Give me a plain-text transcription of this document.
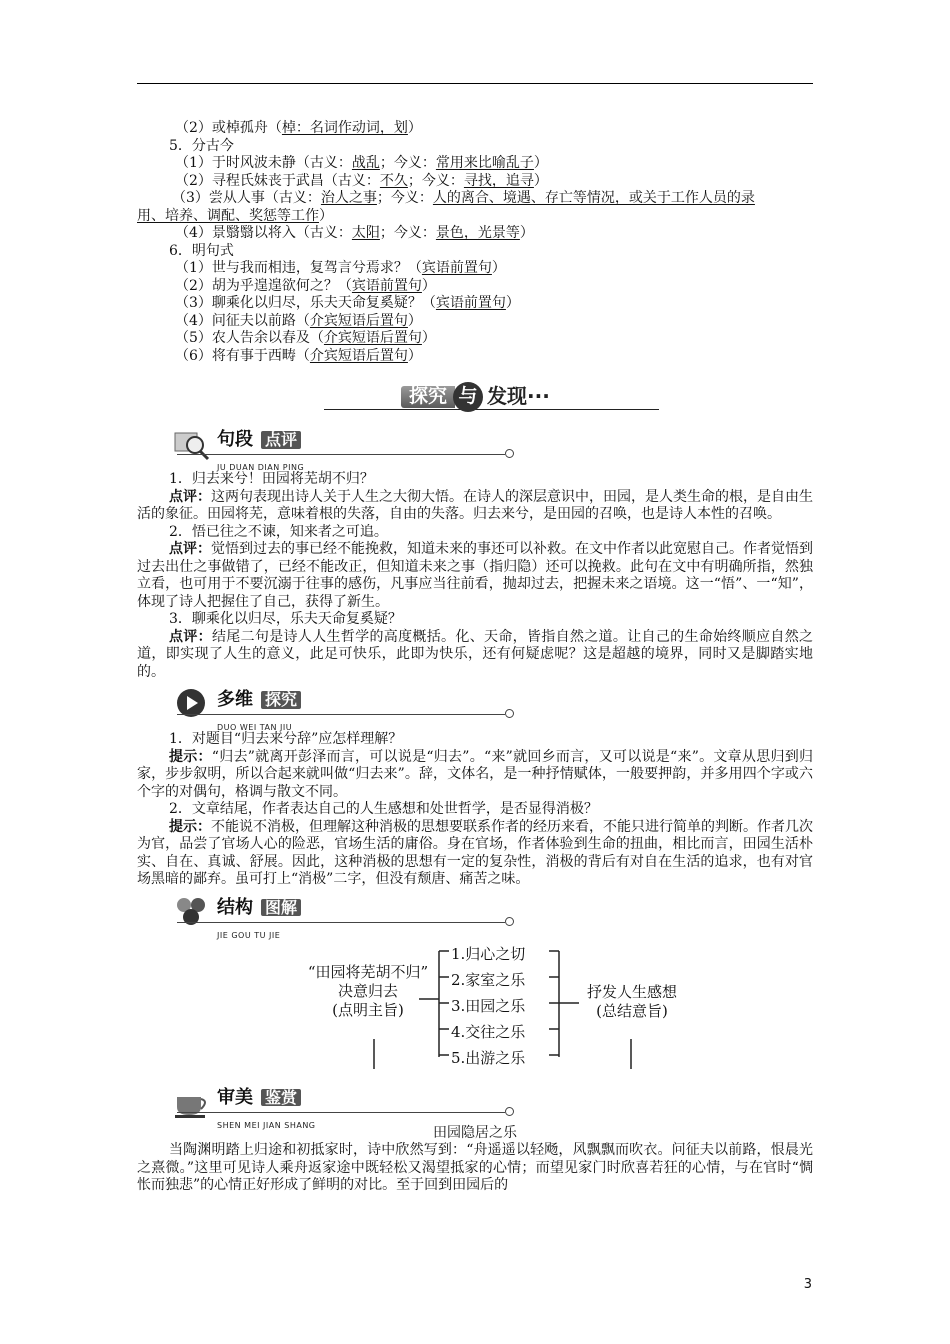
（2）或棹孤舟（棹：名词作动词，划）
5．分古今
（1）于时风波未静（古义：战乱；今义：常用来比喻乱子）
（2）寻程氏妹丧于武昌（古义：不久；今义：寻找，追寻）
（3）尝从人事（古义：治人之事；今义：人的离合、境遇、存亡等情况，或关于工作人员的录
用、培养、调配、奖惩等工作）
（4）景翳翳以将入（古义：太阳；今义：景色，光景等）
6．明句式
（1）世与我而相违，复驾言兮焉求？（宾语前置句）
（2）胡为乎遑遑欲何之？（宾语前置句）
（3）聊乘化以归尽，乐夫天命复奚疑？（宾语前置句）
（4）问征夫以前路（介宾短语后置句）
（5）农人告余以春及（介宾短语后置句）
（6）将有事于西畴（介宾短语后置句）
探究 与 发现···
句段 点评
JU DUAN DIAN PING
1．归去来兮！田园将芜胡不归？
点评：这两句表现出诗人关于人生之大彻大悟。在诗人的深层意识中，田园，是人类生命的根，是自由生活的象征。田园将芜，意味着根的失落，自由的失落。归去来兮，是田园的召唤，也是诗人本性的召唤。
2．悟已往之不谏，知来者之可追。
点评：觉悟到过去的事已经不能挽救，知道未来的事还可以补救。在文中作者以此宽慰自己。作者觉悟到过去出仕之事做错了，已经不能改正，但知道未来之事（指归隐）还可以挽救。此句在文中有明确所指，然独立看，也可用于不要沉溺于往事的感伤，凡事应当往前看，抛却过去，把握未来之语境。这一“悟”、一“知”，体现了诗人把握住了自己，获得了新生。
3．聊乘化以归尽，乐夫天命复奚疑？
点评：结尾二句是诗人人生哲学的高度概括。化、天命，皆指自然之道。让自己的生命始终顺应自然之道，即实现了人生的意义，此足可快乐，此即为快乐，还有何疑虑呢？这是超越的境界，同时又是脚踏实地的。
多维 探究
DUO WEI TAN JIU
1．对题目“归去来兮辞”应怎样理解？
提示：“归去”就离开彭泽而言，可以说是“归去”。“来”就回乡而言，又可以说是“来”。文章从思归到归家，步步叙明，所以合起来就叫做“归去来”。辞，文体名，是一种抒情赋体，一般要押韵，并多用四个字或六个字的对偶句，格调与散文不同。
2．文章结尾，作者表达自己的人生感想和处世哲学，是否显得消极？
提示：不能说不消极，但理解这种消极的思想要联系作者的经历来看，不能只进行简单的判断。作者几次为官，品尝了官场人心的险恶，官场生活的庸俗。身在官场，作者体验到生命的扭曲，相比而言，田园生活朴实、自在、真诚、舒展。因此，这种消极的思想有一定的复杂性，消极的背后有对自在生活的追求，也有对官场黑暗的鄙弃。虽可打上“消极”二字，但没有颓唐、痛苦之味。
结构 图解
JIE GOU TU JIE
“田园将芜胡不归”
决意归去
(点明主旨)
1.归心之切
2.家室之乐
3.田园之乐
4.交往之乐
5.出游之乐
抒发人生感想
(总结意旨)
审美 鉴赏
SHEN MEI JIAN SHANG	田园隐居之乐
当陶渊明踏上归途和初抵家时，诗中欣然写到：“舟遥遥以轻飏，风飘飘而吹衣。问征夫以前路，恨晨光之熹微。”这里可见诗人乘舟返家途中既轻松又渴望抵家的心情；而望见家门时欣喜若狂的心情，与在官时“惆怅而独悲”的心情正好形成了鲜明的对比。至于回到田园后的
3
